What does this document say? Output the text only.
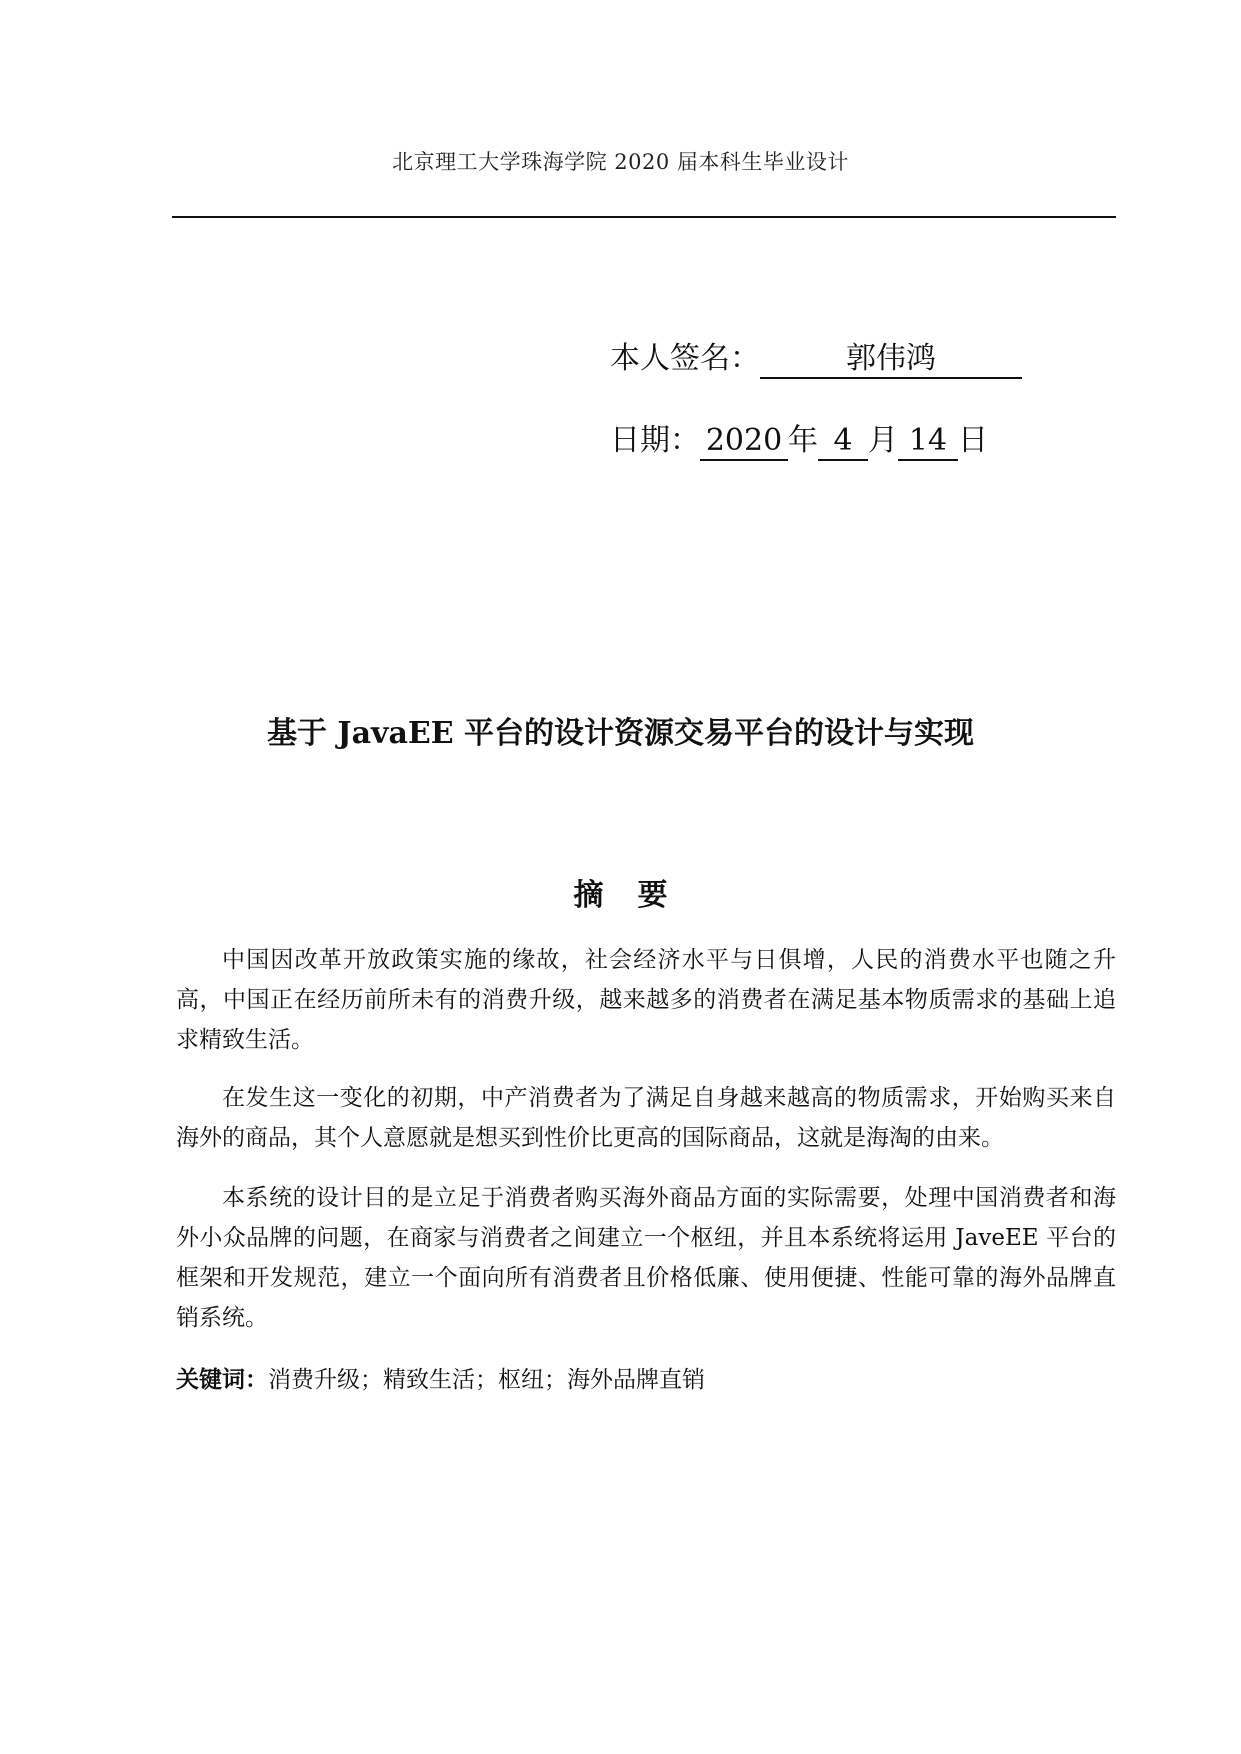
北京理工大学珠海学院 2020 届本科生毕业设计
本人签名：	郭伟鸿
日期： 2020 年 4 月 14 日
基于 JavaEE 平台的设计资源交易平台的设计与实现
摘要

中国因改革开放政策实施的缘故，社会经济水平与日俱增，人民的消费水平也随之升高，中国正在经历前所未有的消费升级，越来越多的消费者在满足基本物质需求的基础上追求精致生活。

在发生这一变化的初期，中产消费者为了满足自身越来越高的物质需求，开始购买来自海外的商品，其个人意愿就是想买到性价比更高的国际商品，这就是海淘的由来。

本系统的设计目的是立足于消费者购买海外商品方面的实际需要，处理中国消费者和海外小众品牌的问题，在商家与消费者之间建立一个枢纽，并且本系统将运用 JaveEE 平台的框架和开发规范，建立一个面向所有消费者且价格低廉、使用便捷、性能可靠的海外品牌直销系统。

关键词：消费升级；精致生活；枢纽；海外品牌直销
